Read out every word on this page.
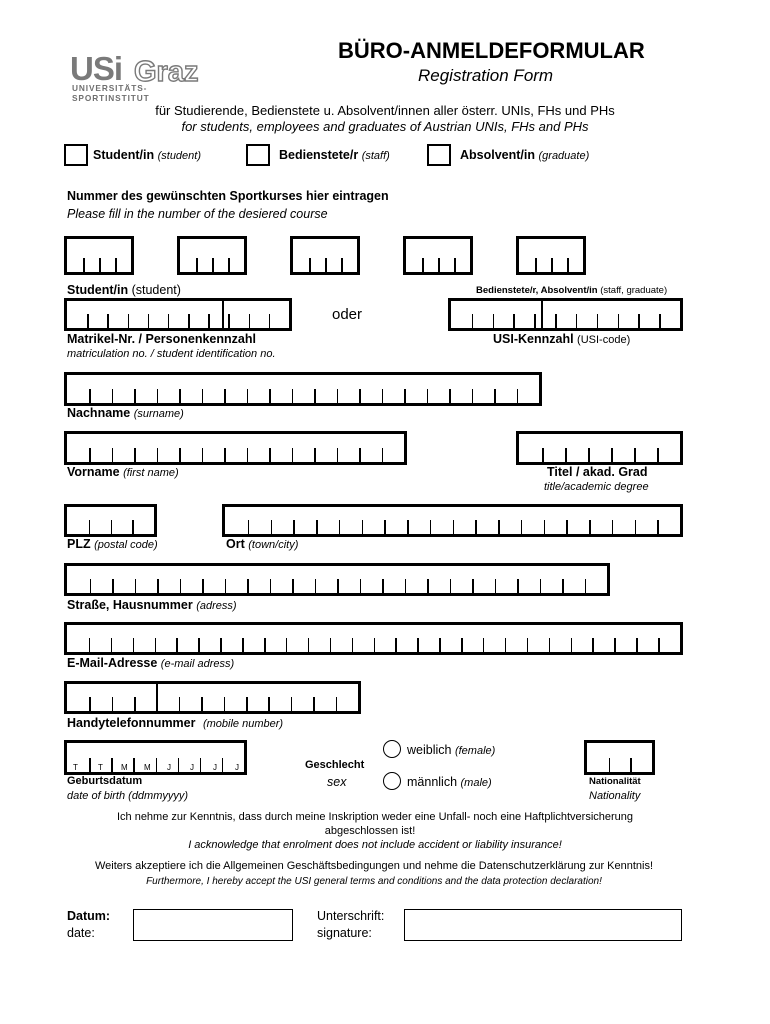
USi Graz
UNIVERSITÄTS-SPORTINSTITUT
BÜRO-ANMELDEFORMULAR
Registration Form
für Studierende, Bedienstete u. Absolvent/innen aller österr. UNIs, FHs und PHs
for students, employees and graduates of Austrian UNIs, FHs and PHs
Student/in (student)	Bedienstete/r (staff)	Absolvent/in (graduate)
Nummer des gewünschten Sportkurses hier eintragen
Please fill in the number of the desiered course
Student/in (student)	Bedienstete/r, Absolvent/in (staff, graduate)
oder
Matrikel-Nr. / Personenkennzahl
matriculation no. / student identification no.
USI-Kennzahl (USI-code)
Nachname (surname)
Vorname (first name)	Titel / akad. Grad
title/academic degree
PLZ (postal code)	Ort (town/city)
Straße, Hausnummer (adress)
E-Mail-Adresse (e-mail adress)
Handytelefonnummer (mobile number)
T	T M M J J J J
Geburtsdatum
date of birth (ddmmyyyy)
Geschlecht
sex
weiblich (female)
männlich (male)	Nationalität
Nationality
Ich nehme zur Kenntnis, dass durch meine Inskription weder eine Unfall- noch eine Haftplichtversicherung
abgeschlossen ist!
I acknowledge that enrolment does not include accident or liability insurance!
Weiters akzeptiere ich die Allgemeinen Geschäftsbedingungen und nehme die Datenschutzerklärung zur Kenntnis!
Furthermore, I hereby accept the USI general terms and conditions and the data protection declaration!
Datum:
date:
Unterschrift:
signature:
